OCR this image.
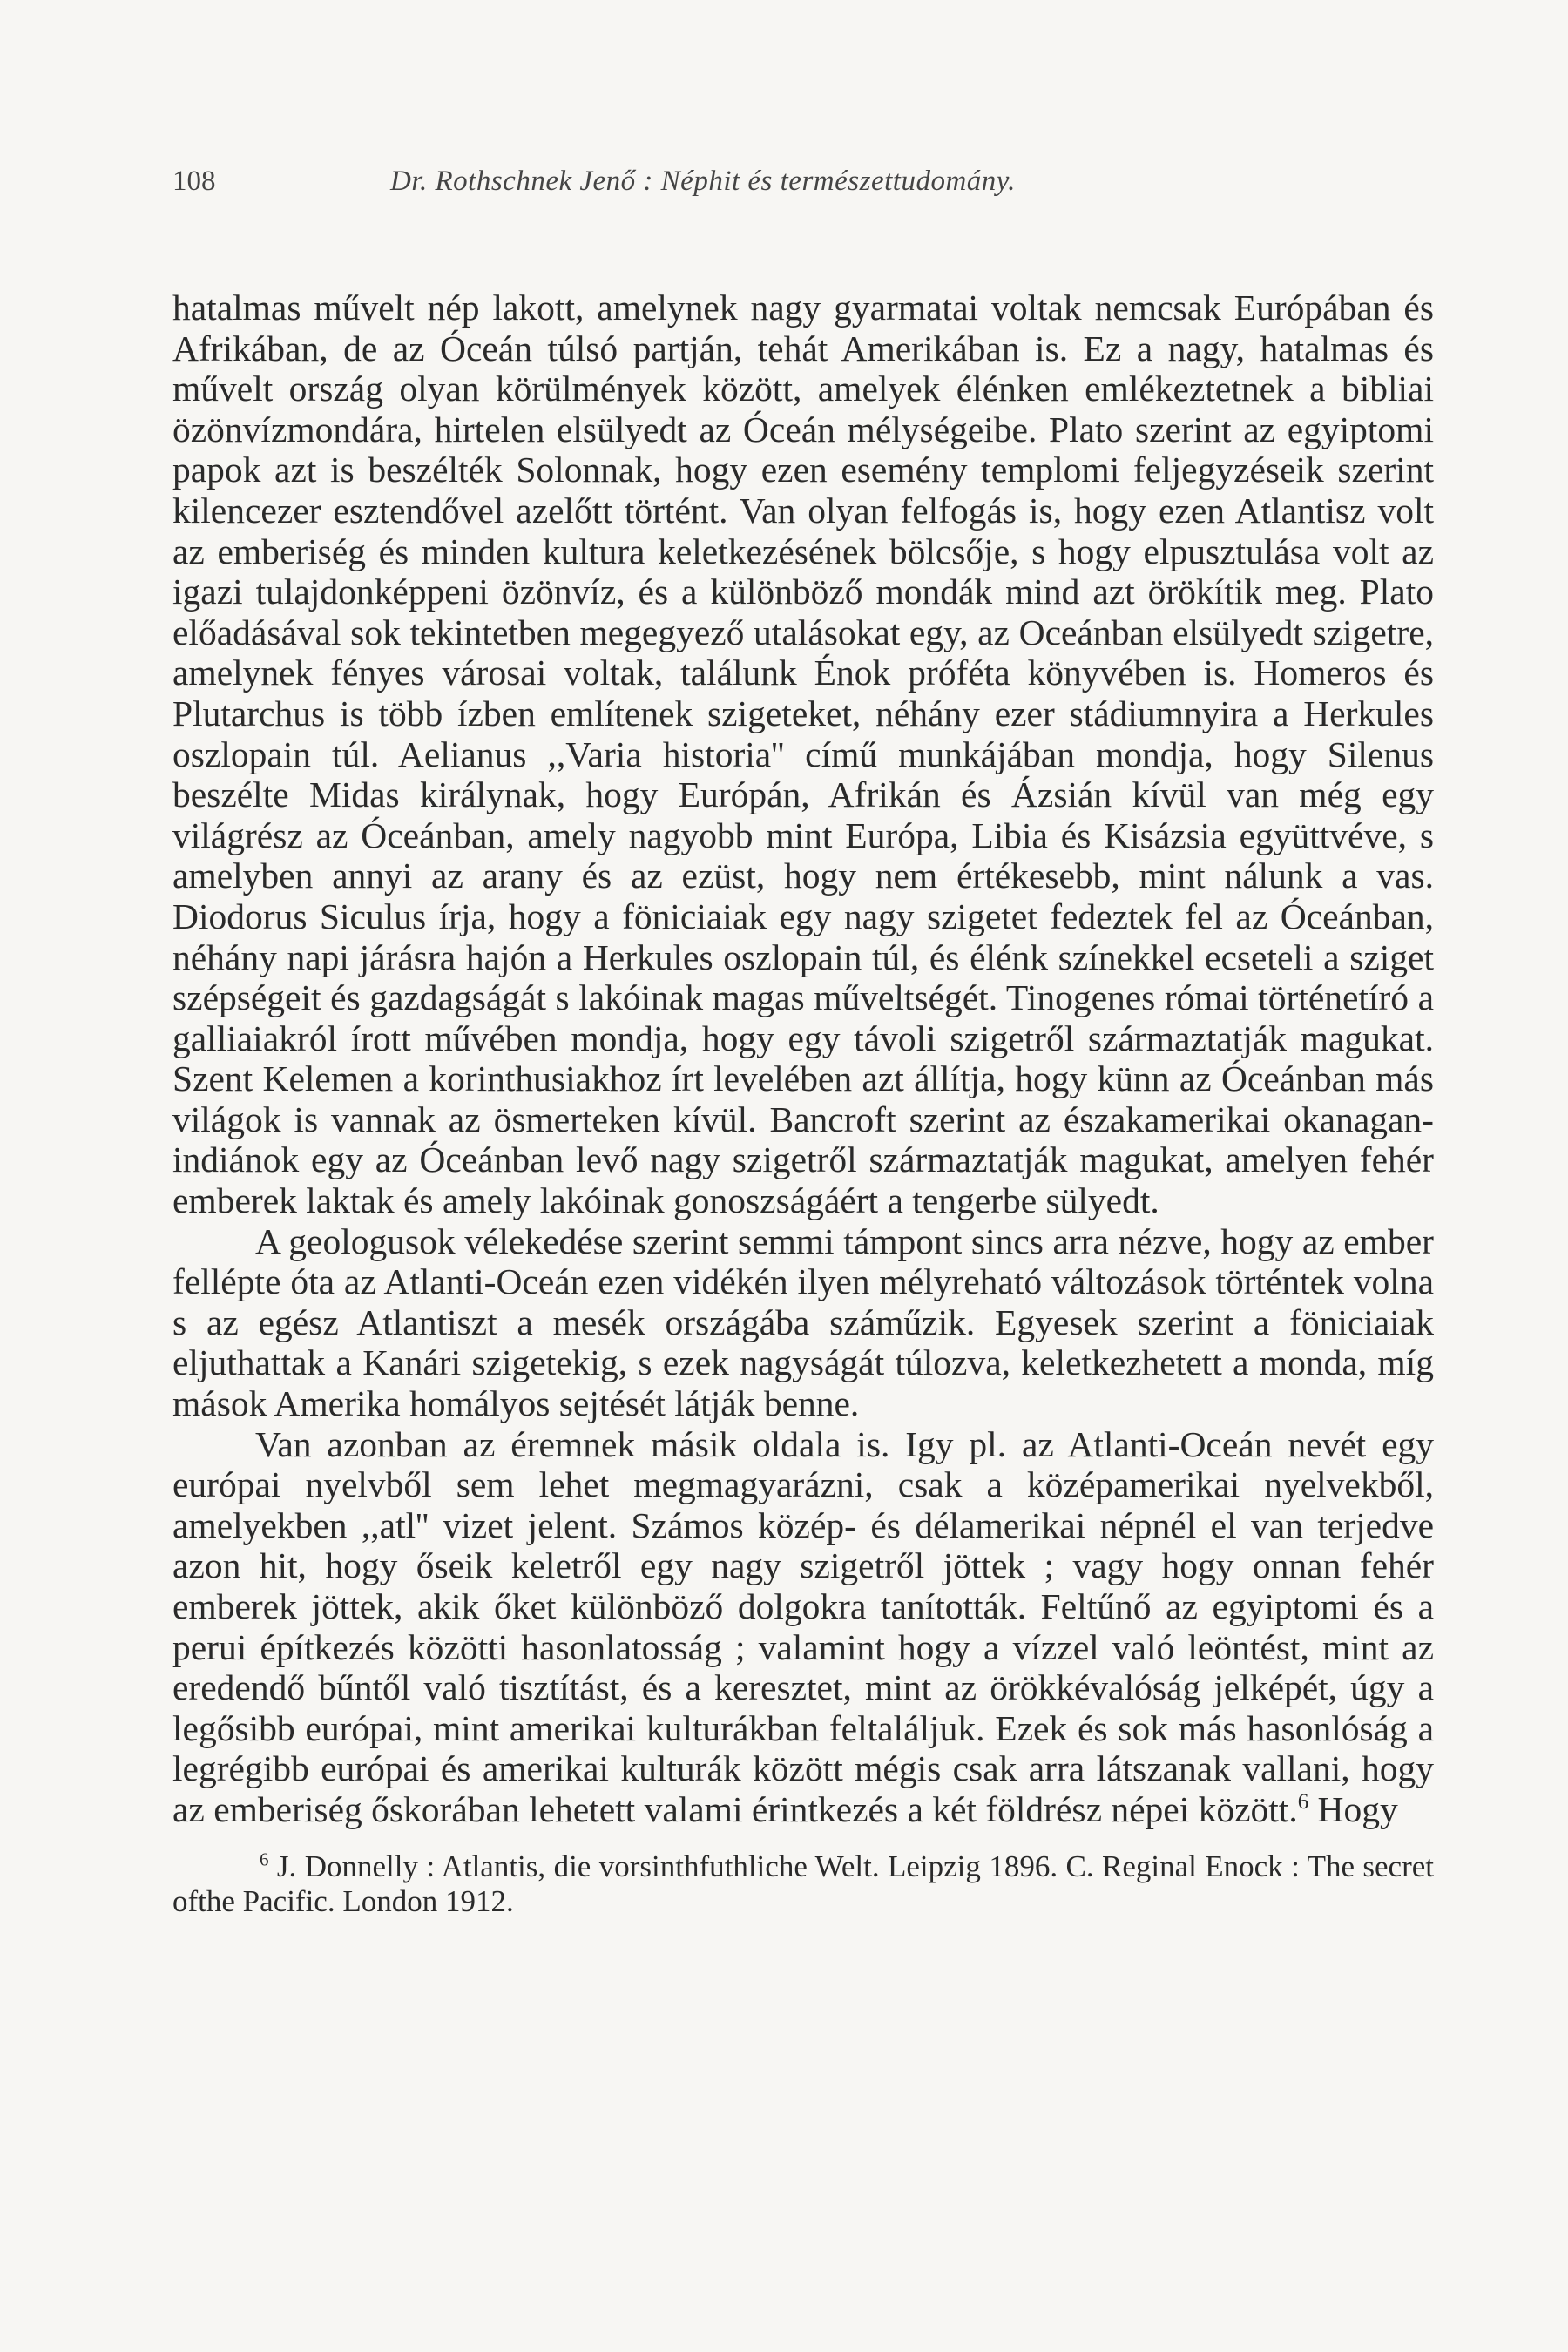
108	Dr. Rothschnek Jenő : Néphit és természettudomány.

hatalmas művelt nép lakott, amelynek nagy gyarmatai voltak nemcsak Európában és Afrikában, de az Óceán túlsó partján, tehát Amerikában is. Ez a nagy, hatalmas és művelt ország olyan körülmények között, amelyek élénken emlékeztetnek a bibliai özönvízmondára, hirtelen elsülyedt az Óceán mélységeibe. Plato szerint az egyiptomi papok azt is beszélték Solonnak, hogy ezen esemény templomi feljegyzéseik szerint kilencezer esztendővel azelőtt történt. Van olyan felfogás is, hogy ezen Atlantisz volt az emberiség és minden kultura keletkezésének bölcsője, s hogy elpusztulása volt az igazi tulajdonképpeni özönvíz, és a különböző mondák mind azt örökítik meg. Plato előadásával sok tekintetben megegyező utalásokat egy, az Oceánban elsülyedt szigetre, amelynek fényes városai voltak, találunk Énok próféta könyvében is. Homeros és Plutarchus is több ízben említenek szigeteket, néhány ezer stádiumnyira a Herkules oszlopain túl. Aelianus ,,Varia historia'' című munkájában mondja, hogy Silenus beszélte Midas királynak, hogy Európán, Afrikán és Ázsián kívül van még egy világrész az Óceánban, amely nagyobb mint Európa, Libia és Kisázsia együttvéve, s amelyben annyi az arany és az ezüst, hogy nem értékesebb, mint nálunk a vas. Diodorus Siculus írja, hogy a föniciaiak egy nagy szigetet fedeztek fel az Óceánban, néhány napi járásra hajón a Herkules oszlopain túl, és élénk színekkel ecseteli a sziget szépségeit és gazdagságát s lakóinak magas műveltségét. Tinogenes római történetíró a galliaiakról írott művében mondja, hogy egy távoli szigetről származtatják magukat. Szent Kelemen a korinthusiakhoz írt levelében azt állítja, hogy künn az Óceánban más világok is vannak az ösmerteken kívül. Bancroft szerint az északamerikai okanagan-indiánok egy az Óceánban levő nagy szigetről származtatják magukat, amelyen fehér emberek laktak és amely lakóinak gonoszságáért a tengerbe sülyedt.

A geologusok vélekedése szerint semmi támpont sincs arra nézve, hogy az ember fellépte óta az Atlanti-Oceán ezen vidékén ilyen mélyreható változások történtek volna s az egész Atlantiszt a mesék országába száműzik. Egyesek szerint a föniciaiak eljuthattak a Kanári szigetekig, s ezek nagyságát túlozva, keletkezhetett a monda, míg mások Amerika homályos sejtését látják benne.

Van azonban az éremnek másik oldala is. Igy pl. az Atlanti-Oceán nevét egy európai nyelvből sem lehet megmagyarázni, csak a középamerikai nyelvekből, amelyekben ,,atl'' vizet jelent. Számos közép- és délamerikai népnél el van terjedve azon hit, hogy őseik keletről egy nagy szigetről jöttek ; vagy hogy onnan fehér emberek jöttek, akik őket különböző dolgokra tanították. Feltűnő az egyiptomi és a perui építkezés közötti hasonlatosság ; valamint hogy a vízzel való leöntést, mint az eredendő bűntől való tisztítást, és a keresztet, mint az örökkévalóság jelképét, úgy a legősibb európai, mint amerikai kulturákban feltaláljuk. Ezek és sok más hasonlóság a legrégibb európai és amerikai kulturák között mégis csak arra látszanak vallani, hogy az emberiség őskorában lehetett valami érintkezés a két földrész népei között.$^6$ Hogy

$^6$ J. Donnelly : Atlantis, die vorsinthfuthliche Welt. Leipzig 1896. C. Reginal Enock : The secret ofthe Pacific. London 1912.
